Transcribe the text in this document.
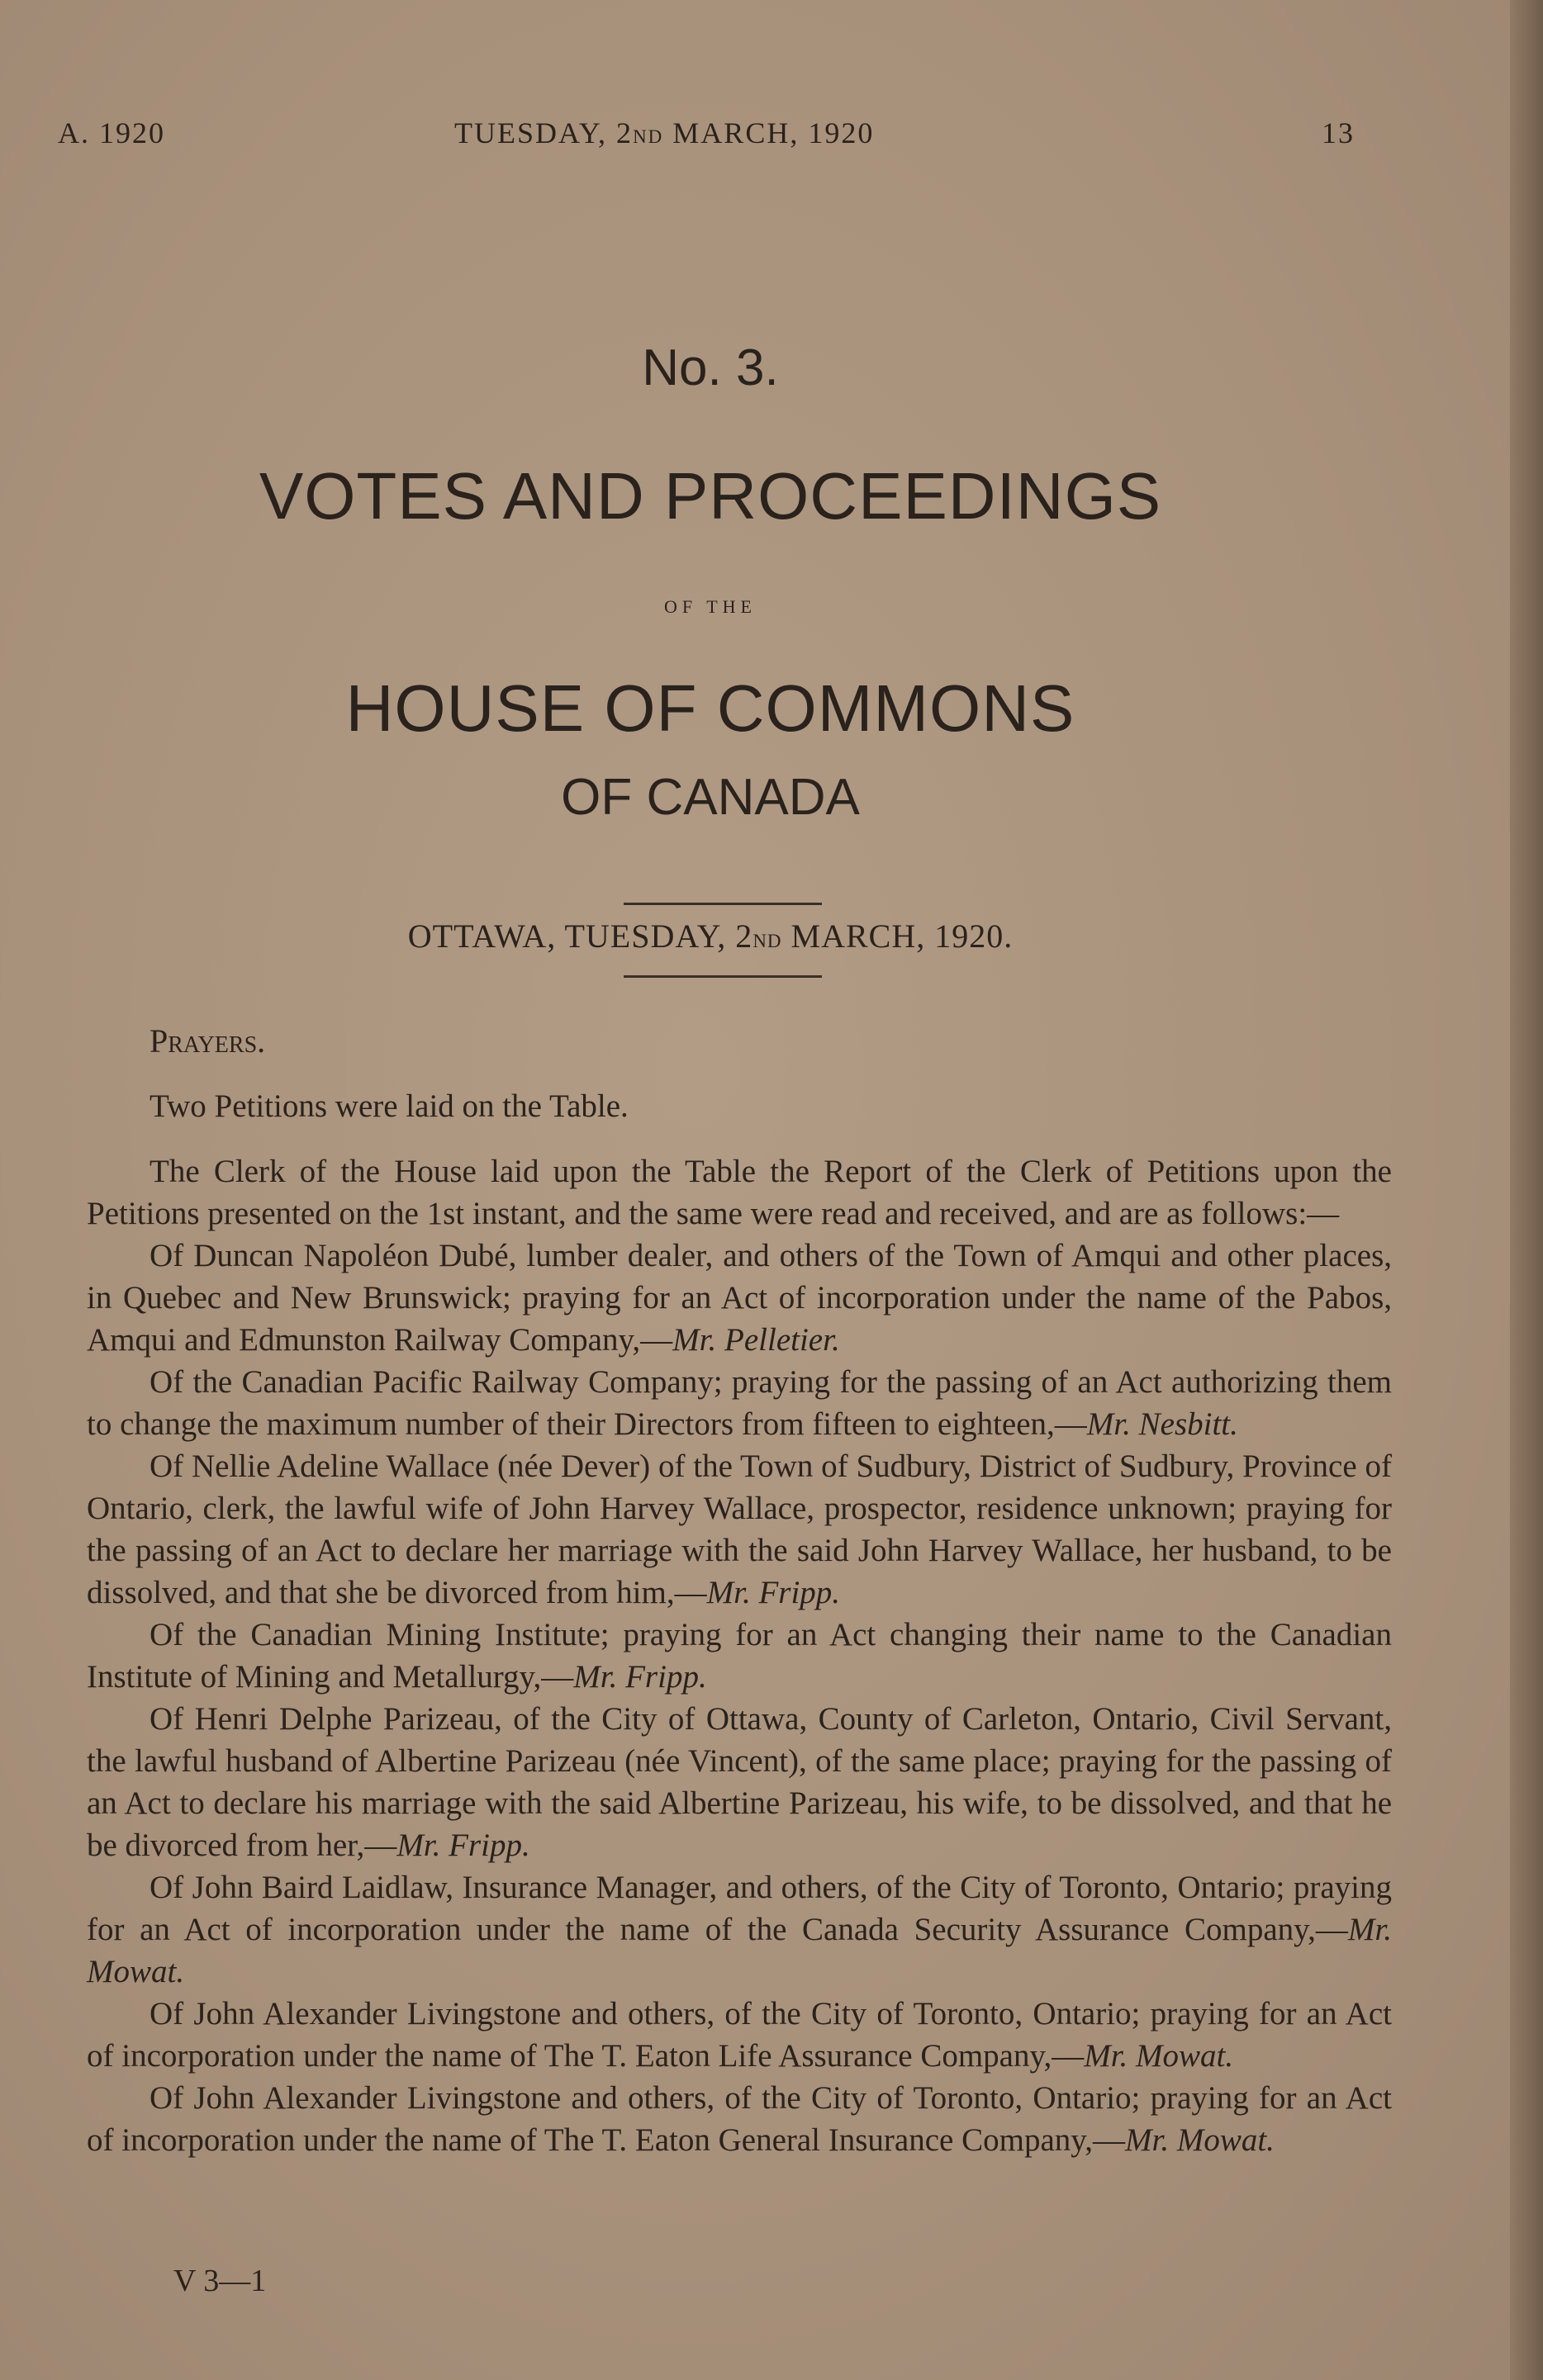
A. 1920	TUESDAY, 2ND MARCH, 1920	13
No. 3.
VOTES AND PROCEEDINGS
OF THE
HOUSE OF COMMONS
OF CANADA
OTTAWA, TUESDAY, 2ND MARCH, 1920.

Prayers.

Two Petitions were laid on the Table.

The Clerk of the House laid upon the Table the Report of the Clerk of Petitions upon the Petitions presented on the 1st instant, and the same were read and received, and are as follows:—

Of Duncan Napoléon Dubé, lumber dealer, and others of the Town of Amqui and other places, in Quebec and New Brunswick; praying for an Act of incorporation under the name of the Pabos, Amqui and Edmunston Railway Company,—Mr. Pelletier.

Of the Canadian Pacific Railway Company; praying for the passing of an Act authorizing them to change the maximum number of their Directors from fifteen to eighteen,—Mr. Nesbitt.

Of Nellie Adeline Wallace (née Dever) of the Town of Sudbury, District of Sudbury, Province of Ontario, clerk, the lawful wife of John Harvey Wallace, prospector, residence unknown; praying for the passing of an Act to declare her marriage with the said John Harvey Wallace, her husband, to be dissolved, and that she be divorced from him,—Mr. Fripp.

Of the Canadian Mining Institute; praying for an Act changing their name to the Canadian Institute of Mining and Metallurgy,—Mr. Fripp.

Of Henri Delphe Parizeau, of the City of Ottawa, County of Carleton, Ontario, Civil Servant, the lawful husband of Albertine Parizeau (née Vincent), of the same place; praying for the passing of an Act to declare his marriage with the said Albertine Parizeau, his wife, to be dissolved, and that he be divorced from her,—Mr. Fripp.

Of John Baird Laidlaw, Insurance Manager, and others, of the City of Toronto, Ontario; praying for an Act of incorporation under the name of the Canada Security Assurance Company,—Mr. Mowat.

Of John Alexander Livingstone and others, of the City of Toronto, Ontario; praying for an Act of incorporation under the name of The T. Eaton Life Assurance Company,—Mr. Mowat.

Of John Alexander Livingstone and others, of the City of Toronto, Ontario; praying for an Act of incorporation under the name of The T. Eaton General Insurance Company,—Mr. Mowat.

V 3—1
